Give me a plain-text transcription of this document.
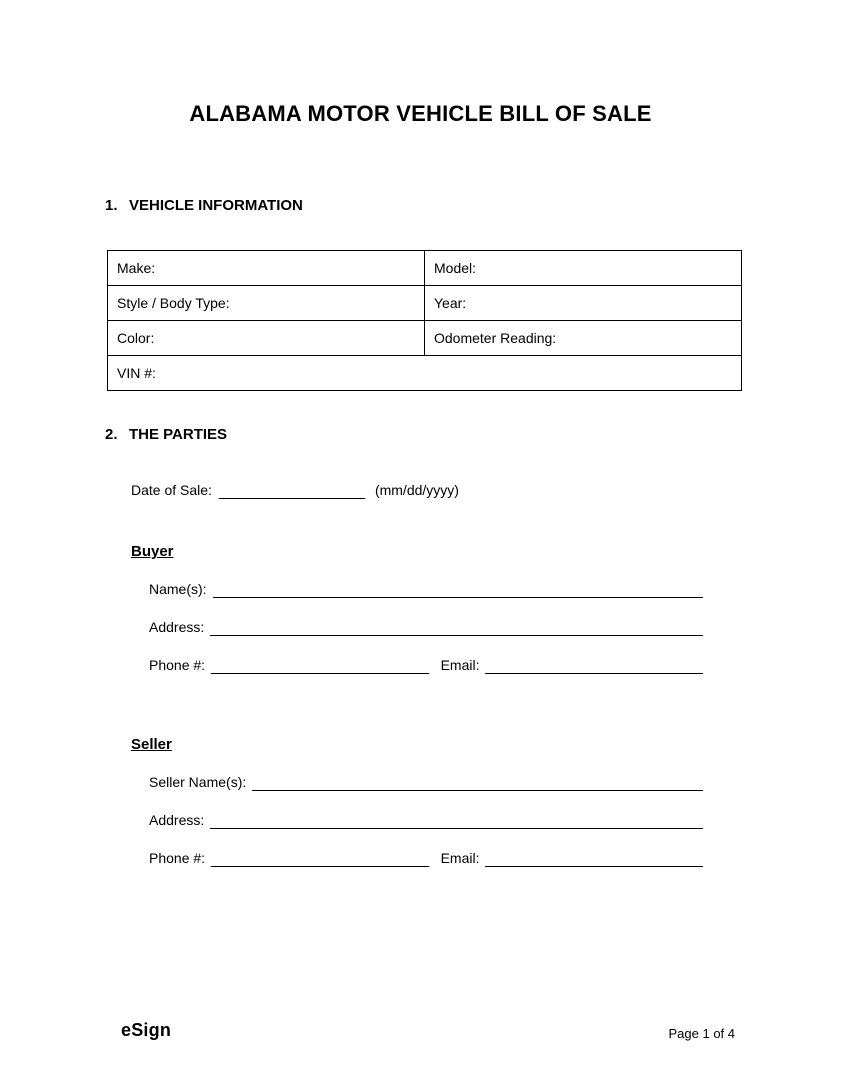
ALABAMA MOTOR VEHICLE BILL OF SALE
1. VEHICLE INFORMATION
Make:	Model:
Style / Body Type:	Year:
Color:	Odometer Reading:
VIN #:	
2. THE PARTIES
Date of Sale:	(mm/dd/yyyy)
Buyer
Name(s):
Address:
Phone #:	Email:
Seller
Seller Name(s):
Address:
Phone #:	Email:
eSign	Page 1 of 4
